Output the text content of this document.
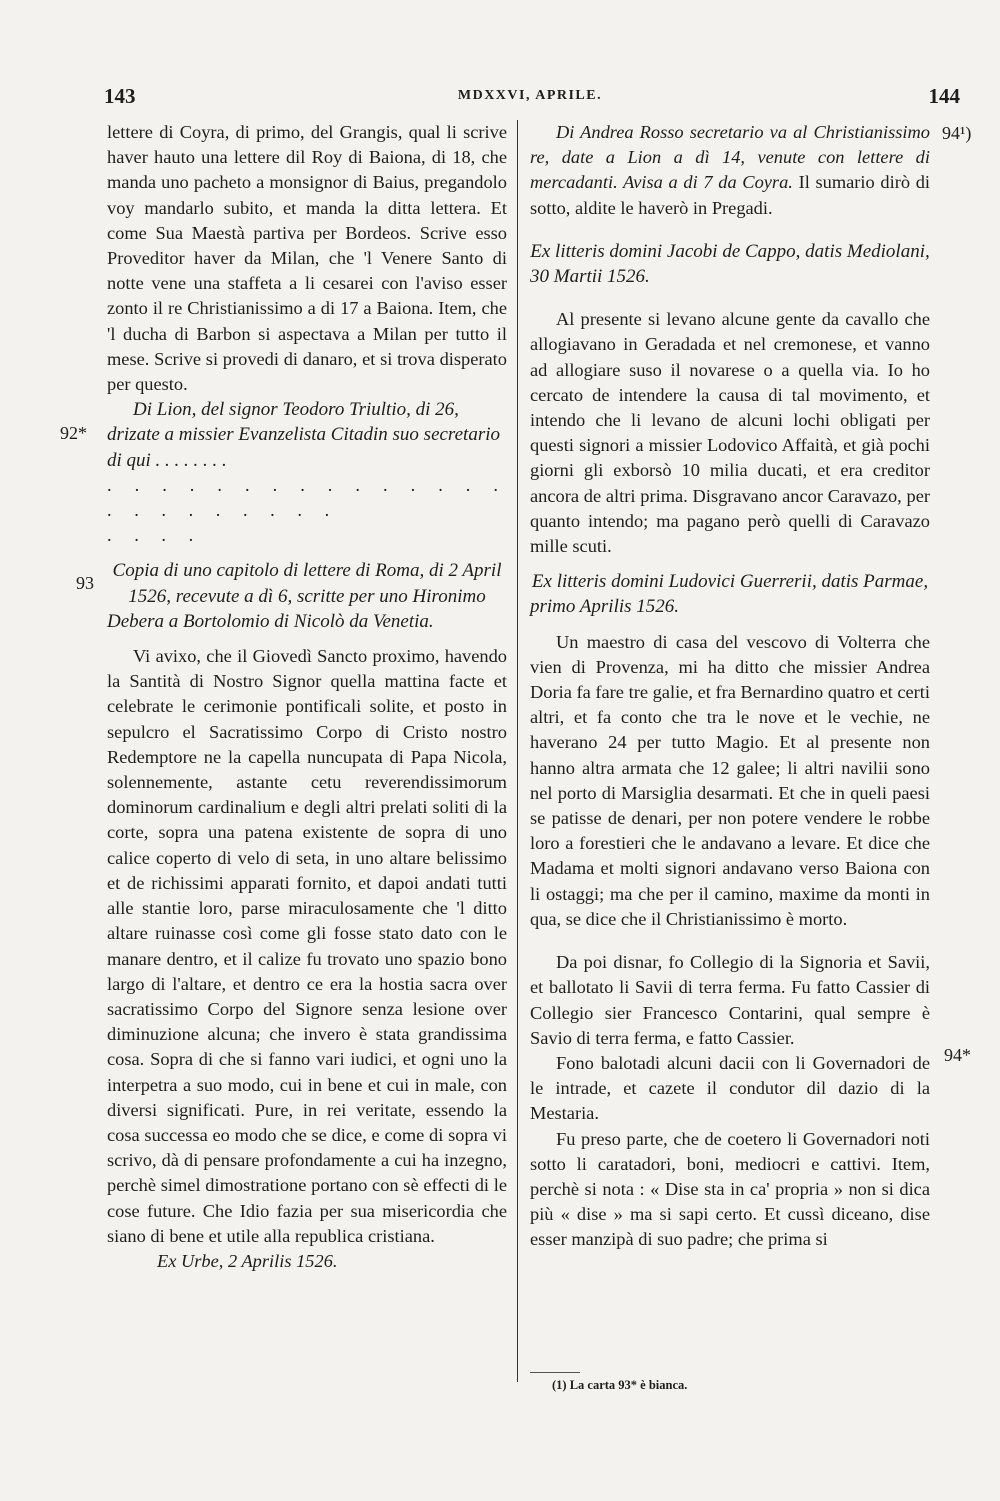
143	MDXXVI, APRILE.	144
92*
93
94¹)
94*

lettere di Coyra, di primo, del Grangis, qual li scrive haver hauto una lettere dil Roy di Baiona, di 18, che manda uno pacheto a monsignor di Baius, pregandolo voy mandarlo subito, et manda la ditta lettera. Et come Sua Maestà partiva per Bordeos. Scrive esso Proveditor haver da Milan, che 'l Venere Santo di notte vene una staffeta a li cesarei con l'aviso esser zonto il re Christianissimo a di 17 a Baiona. Item, che 'l ducha di Barbon si aspectava a Milan per tutto il mese. Scrive si provedi di danaro, et si trova disperato per questo.

Di Lion, del signor Teodoro Triultio, di 26, drizate a missier Evanzelista Citadin suo secretario di qui . . . . . . . .

. . . . . . . . . . . . . . . . . . . . . . . .

. . . .

Copia di uno capitolo di lettere di Roma, di 2 April 1526, recevute a dì 6, scritte per uno Hironimo Debera a Bortolomio di Nicolò da Venetia.

Vi avixo, che il Giovedì Sancto proximo, havendo la Santità di Nostro Signor quella mattina facte et celebrate le cerimonie pontificali solite, et posto in sepulcro el Sacratissimo Corpo di Cristo nostro Redemptore ne la capella nuncupata di Papa Nicola, solennemente, astante cetu reverendissimorum dominorum cardinalium e degli altri prelati soliti di la corte, sopra una patena existente de sopra di uno calice coperto di velo di seta, in uno altare belissimo et de richissimi apparati fornito, et dapoi andati tutti alle stantie loro, parse miraculosamente che 'l ditto altare ruinasse così come gli fosse stato dato con le manare dentro, et il calize fu trovato uno spazio bono largo di l'altare, et dentro ce era la hostia sacra over sacratissimo Corpo del Signore senza lesione over diminuzione alcuna; che invero è stata grandissima cosa. Sopra di che si fanno vari iudici, et ogni uno la interpetra a suo modo, cui in bene et cui in male, con diversi significati. Pure, in rei veritate, essendo la cosa successa eo modo che se dice, e come di sopra vi scrivo, dà di pensare profondamente a cui ha inzegno, perchè simel dimostratione portano con sè effecti di le cose future. Che Idio fazia per sua misericordia che siano di bene et utile alla republica cristiana.

Ex Urbe, 2 Aprilis 1526.

Di Andrea Rosso secretario va al Christianissimo re, date a Lion a dì 14, venute con lettere di mercadanti. Avisa a di 7 da Coyra. Il sumario dirò di sotto, aldite le haverò in Pregadi.

Ex litteris domini Jacobi de Cappo, datis Mediolani, 30 Martii 1526.

Al presente si levano alcune gente da cavallo che allogiavano in Geradada et nel cremonese, et vanno ad allogiare suso il novarese o a quella via. Io ho cercato de intendere la causa di tal movimento, et intendo che li levano de alcuni lochi obligati per questi signori a missier Lodovico Affaità, et già pochi giorni gli exborsò 10 milia ducati, et era creditor ancora de altri prima. Disgravano ancor Caravazo, per quanto intendo; ma pagano però quelli di Caravazo mille scuti.

Ex litteris domini Ludovici Guerrerii, datis Parmae, primo Aprilis 1526.

Un maestro di casa del vescovo di Volterra che vien di Provenza, mi ha ditto che missier Andrea Doria fa fare tre galie, et fra Bernardino quatro et certi altri, et fa conto che tra le nove et le vechie, ne haverano 24 per tutto Magio. Et al presente non hanno altra armata che 12 galee; li altri navilii sono nel porto di Marsiglia desarmati. Et che in queli paesi se patisse de denari, per non potere vendere le robbe loro a forestieri che le andavano a levare. Et dice che Madama et molti signori andavano verso Baiona con li ostaggi; ma che per il camino, maxime da monti in qua, se dice che il Christianissimo è morto.

Da poi disnar, fo Collegio di la Signoria et Savii, et ballotato li Savii di terra ferma. Fu fatto Cassier di Collegio sier Francesco Contarini, qual sempre è Savio di terra ferma, e fatto Cassier.

Fono balotadi alcuni dacii con li Governadori de le intrade, et cazete il condutor dil dazio di la Mestaria.

Fu preso parte, che de coetero li Governadori noti sotto li caratadori, boni, mediocri e cattivi. Item, perchè si nota : « Dise sta in ca' propria » non si dica più « dise » ma si sapi certo. Et cussì diceano, dise esser manzipà di suo padre; che prima si

(1) La carta 93* è bianca.
